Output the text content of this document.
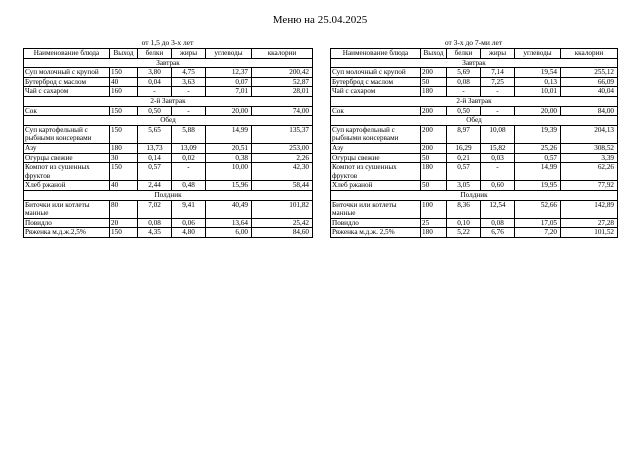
Меню на 25.04.2025
от 1,5 до 3-х лет
Наименование блюда	Выход	белки	жиры	углеводы	ккалории
Завтрак					
Суп молочный с крупой	150	3,80	4,75	12,37	200,42
Бутерброд с маслом	40	0,04	3,63	0,07	52,87
Чай с сахаром	160	-	-	7,01	28,01
2-й Завтрак					
Сок	150	0,50	-	20,00	74,00
Обед					
Суп картофельный с рыбными консервами	150	5,65	5,88	14,99	135,37
Азу	180	13,73	13,09	20,51	253,00
Огурцы свежие	30	0,14	0,02	0,38	2,26
Компот из сушенных фруктов	150	0,57	-	10,00	42,30
Хлеб ржаной	40	2,44	0,48	15,96	58,44
Полдник					
Биточки или котлеты манные	80	7,02	9,41	40,49	101,82
Повидло	20	0,08	0,06	13,64	25,42
Ряженка м.д.ж.2,5%	150	4,35	4,80	6,00	84,60
от 3-х до 7-ми лет
Наименование блюда	Выход	белки	жиры	углеводы	ккалории
Завтрак					
Суп молочный с крупой	200	5,69	7,14	19,54	255,12
Бутерброд с маслом	50	0,08	7,25	0,13	66,09
Чай с сахаром	180	-	-	10,01	40,04
2-й Завтрак					
Сок	200	0,50	-	20,00	84,00
Обед					
Суп картофельный с рыбными консервами	200	8,97	10,08	19,39	204,13
Азу	200	16,29	15,82	25,26	308,52
Огурцы свежие	50	0,21	0,03	0,57	3,39
Компот из сушенных фруктов	180	0,57	-	14,99	62,26
Хлеб ржаной	50	3,05	0,60	19,95	77,92
Полдник					
Биточки или котлеты манные	100	8,36	12,54	52,66	142,89
Повидло	25	0,10	0,08	17,05	27,28
Ряженка м.д.ж. 2,5%	180	5,22	6,76	7,20	101,52
